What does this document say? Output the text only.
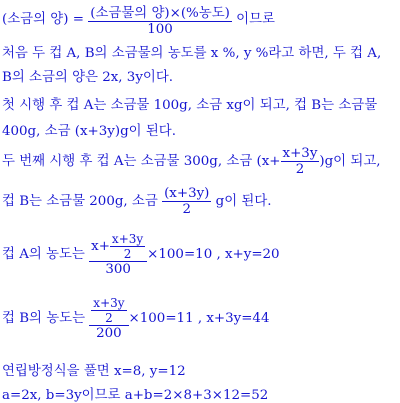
(소금의 양) = $\frac{\text{(소금물의 양)×(\%농도)}}{100}$ 이므로
처음 두 컵 A, B의 소금물의 농도를 x %, y %라고 하면, 두 컵 A,
B의 소금의 양은 2x, 3y이다.
첫 시행 후 컵 A는 소금물 100g, 소금 xg이 되고, 컵 B는 소금물
400g, 소금 (x+3y)g이 된다.
두 번째 시행 후 컵 A는 소금물 300g, 소금 $(x+ \frac{x+3y}{2} )g$이 되고,
컵 B는 소금물 200g, 소금 $\frac{(x+3y)}{2}$ g이 된다.
컵 A의 농도는 $\frac{x+ \frac{x+3y}{2}}{300} \times 100=10$ , x+y=20
컵 B의 농도는 $\frac{\frac{x+3y}{2}}{200} \times 100=11$ , x+3y=44
연립방정식을 풀면 x=8, y=12
a=2x, b=3y이므로 a+b=2×8+3×12=52
